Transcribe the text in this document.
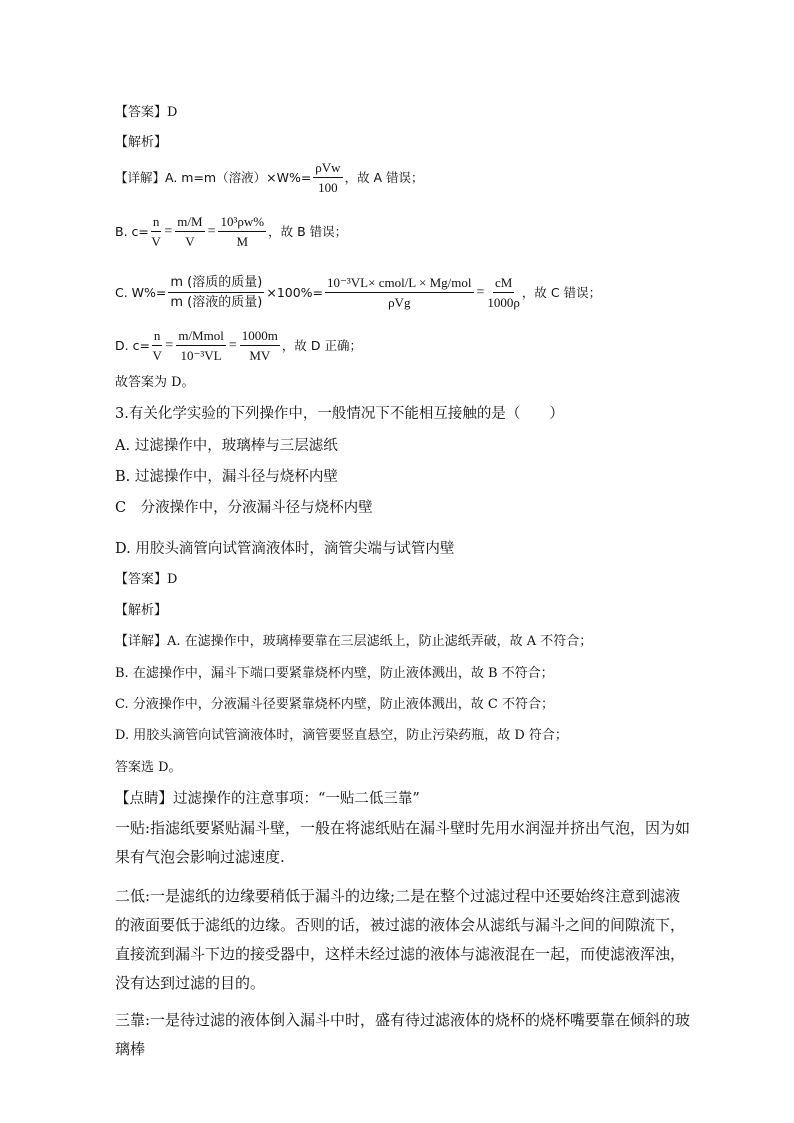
【答案】D
【解析】
【详解】A. m=m（溶液）$\times W\%= \frac{\text{ρVw}}{100}$ ，故 A 错误；
B. $c= \frac{n}{V} = \frac{m/M}{V} = \frac{\text{10³ρw\%}}{M}$ ，故 B 错误；
C. $W\%= \frac{\text{m (溶质的质量)}}{\text{m (溶液的质量)}} \times 100\%= \frac{\text{10⁻³VL× cmol/L × Mg/mol}}{\text{ρVg}} = \frac{cM}{1000\rho}$ ，故 C 错误；
D. $c= \frac{n}{V} = \frac{\text{m/Mmol}}{\text{10⁻³VL}} = \frac{1000m}{MV}$ ，故 D 正确；
故答案为 D。
3.有关化学实验的下列操作中，一般情况下不能相互接触的是（　　）
A. 过滤操作中，玻璃棒与三层滤纸
B. 过滤操作中，漏斗径与烧杯内壁
C　分液操作中，分液漏斗径与烧杯内壁
D. 用胶头滴管向试管滴液体时，滴管尖端与试管内壁
【答案】D
【解析】
【详解】A. 在滤操作中，玻璃棒要靠在三层滤纸上，防止滤纸弄破，故 A 不符合；
B. 在滤操作中，漏斗下端口要紧靠烧杯内壁，防止液体溅出，故 B 不符合；
C. 分液操作中，分液漏斗径要紧靠烧杯内壁，防止液体溅出，故 C 不符合；
D. 用胶头滴管向试管滴液体时，滴管要竖直悬空，防止污染药瓶，故 D 符合；
答案选 D。
【点睛】过滤操作的注意事项：“一贴二低三靠”
一贴:指滤纸要紧贴漏斗壁，一般在将滤纸贴在漏斗壁时先用水润湿并挤出气泡，因为如果有气泡会影响过滤速度.
二低:一是滤纸的边缘要稍低于漏斗的边缘;二是在整个过滤过程中还要始终注意到滤液的液面要低于滤纸的边缘。否则的话，被过滤的液体会从滤纸与漏斗之间的间隙流下，直接流到漏斗下边的接受器中，这样未经过滤的液体与滤液混在一起，而使滤液浑浊，没有达到过滤的目的。
三靠:一是待过滤的液体倒入漏斗中时，盛有待过滤液体的烧杯的烧杯嘴要靠在倾斜的玻璃棒
